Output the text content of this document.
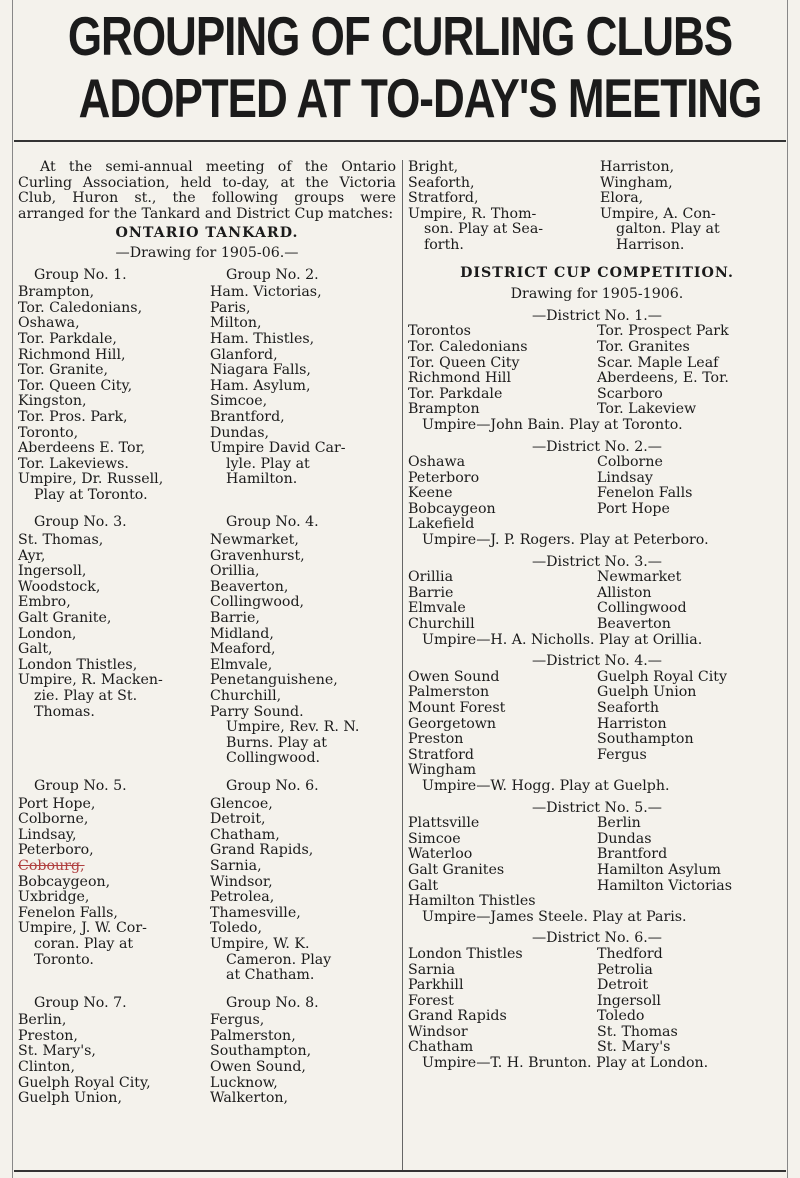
GROUPING OF CURLING CLUBS
ADOPTED AT TO-DAY'S MEETING
At the semi-annual meeting of the Ontario Curling Association, held to-day, at the Victoria Club, Huron st., the following groups were arranged for the Tankard and District Cup matches:
ONTARIO TANKARD.
—Drawing for 1905-06.—
Group No. 1.
Brampton,
Tor. Caledonians,
Oshawa,
Tor. Parkdale,
Richmond Hill,
Tor. Granite,
Tor. Queen City,
Kingston,
Tor. Pros. Park,
Toronto,
Aberdeens E. Tor,
Tor. Lakeviews.
Umpire, Dr. Russell,
Play at Toronto.
Group No. 2.
Ham. Victorias,
Paris,
Milton,
Ham. Thistles,
Glanford,
Niagara Falls,
Ham. Asylum,
Simcoe,
Brantford,
Dundas,
Umpire David Car-
lyle. Play at
Hamilton.
Group No. 3.
St. Thomas,
Ayr,
Ingersoll,
Woodstock,
Embro,
Galt Granite,
London,
Galt,
London Thistles,
Umpire, R. Macken-
zie. Play at St.
Thomas.
Group No. 4.
Newmarket,
Gravenhurst,
Orillia,
Beaverton,
Collingwood,
Barrie,
Midland,
Meaford,
Elmvale,
Penetanguishene,
Churchill,
Parry Sound.
Umpire, Rev. R. N.
Burns. Play at
Collingwood.
Group No. 5.
Port Hope,
Colborne,
Lindsay,
Peterboro,
Cobourg,
Bobcaygeon,
Uxbridge,
Fenelon Falls,
Umpire, J. W. Cor-
coran. Play at
Toronto.
Group No. 6.
Glencoe,
Detroit,
Chatham,
Grand Rapids,
Sarnia,
Windsor,
Petrolea,
Thamesville,
Toledo,
Umpire, W. K.
Cameron. Play
at Chatham.
Group No. 7.
Berlin,
Preston,
St. Mary's,
Clinton,
Guelph Royal City,
Guelph Union,
Group No. 8.
Fergus,
Palmerston,
Southampton,
Owen Sound,
Lucknow,
Walkerton,
Bright,
Seaforth,
Stratford,
Umpire, R. Thom-
son. Play at Sea-
forth.
Harriston,
Wingham,
Elora,
Umpire, A. Con-
galton. Play at
Harrison.
DISTRICT CUP COMPETITION.
Drawing for 1905-1906.
—District No. 1.—
Torontos	Tor. Prospect Park
Tor. Caledonians	Tor. Granites
Tor. Queen City	Scar. Maple Leaf
Richmond Hill	Aberdeens, E. Tor.
Tor. Parkdale	Scarboro
Brampton	Tor. Lakeview
Umpire—John Bain. Play at Toronto.
—District No. 2.—
Oshawa	Colborne
Peterboro	Lindsay
Keene	Fenelon Falls
Bobcaygeon	Port Hope
Lakefield
Umpire—J. P. Rogers. Play at Peterboro.
—District No. 3.—
Orillia	Newmarket
Barrie	Alliston
Elmvale	Collingwood
Churchill	Beaverton
Umpire—H. A. Nicholls. Play at Orillia.
—District No. 4.—
Owen Sound	Guelph Royal City
Palmerston	Guelph Union
Mount Forest	Seaforth
Georgetown	Harriston
Preston	Southampton
Stratford	Fergus
Wingham
Umpire—W. Hogg. Play at Guelph.
—District No. 5.—
Plattsville	Berlin
Simcoe	Dundas
Waterloo	Brantford
Galt Granites	Hamilton Asylum
Galt	Hamilton Victorias
Hamilton Thistles
Umpire—James Steele. Play at Paris.
—District No. 6.—
London Thistles	Thedford
Sarnia	Petrolia
Parkhill	Detroit
Forest	Ingersoll
Grand Rapids	Toledo
Windsor	St. Thomas
Chatham	St. Mary's
Umpire—T. H. Brunton. Play at London.
